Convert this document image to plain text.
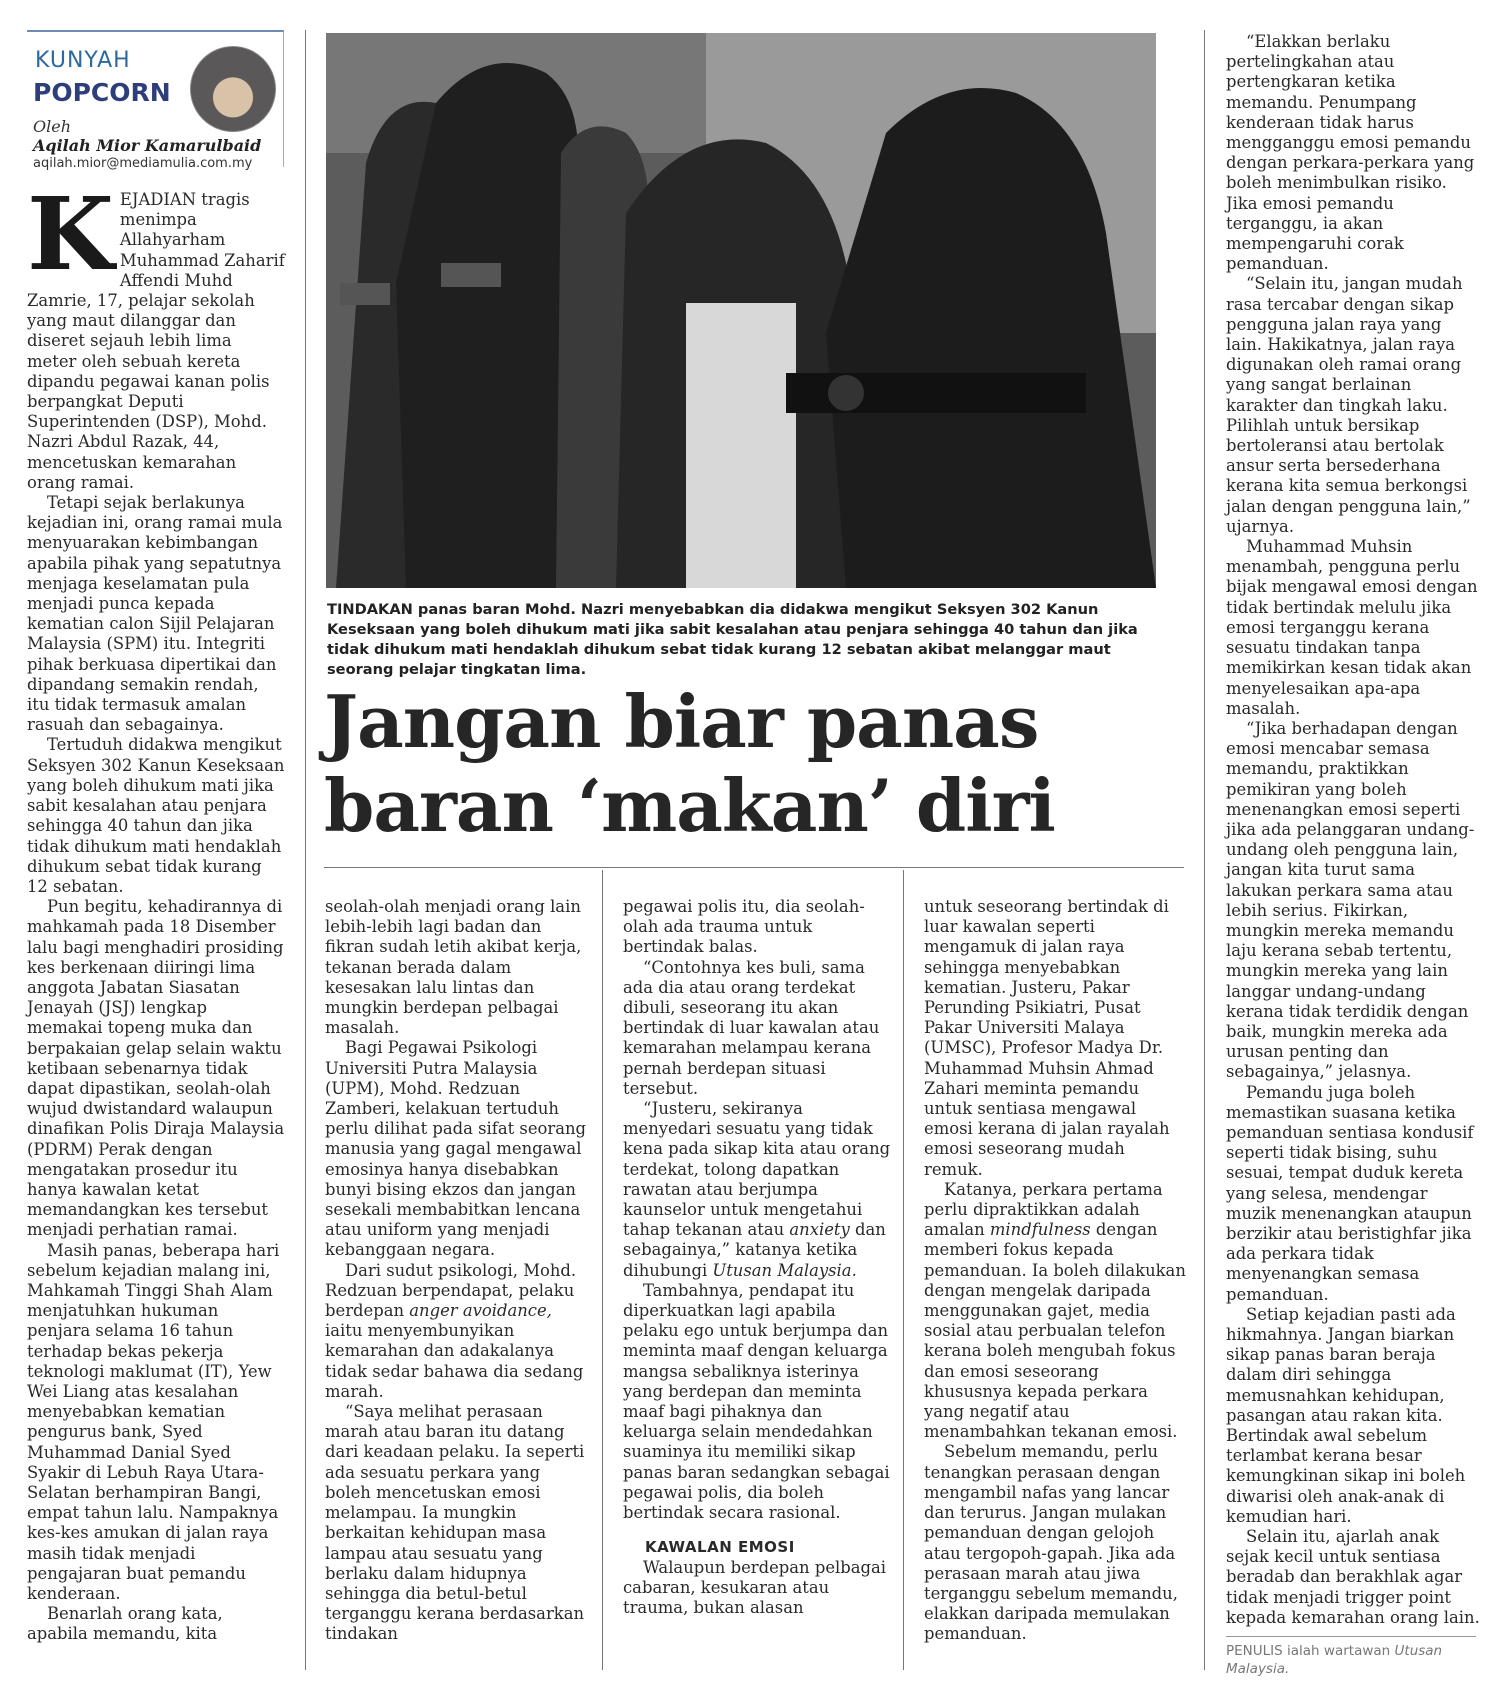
KUNYAH
POPCORN
Oleh
Aqilah Mior Kamarulbaid
aqilah.mior@mediamulia.com.my
TINDAKAN panas baran Mohd. Nazri menyebabkan dia didakwa mengikut Seksyen 302 Kanun Keseksaan yang boleh dihukum mati jika sabit kesalahan atau penjara sehingga 40 tahun dan jika tidak dihukum mati hendaklah dihukum sebat tidak kurang 12 sebatan akibat melanggar maut seorang pelajar tingkatan lima.
Jangan biar panas
baran ‘makan’ diri
K EJADIAN tragis menimpa Allahyarham Muhammad Zaharif Affendi Muhd Zamrie, 17, pelajar sekolah yang maut dilanggar dan diseret sejauh lebih lima meter oleh sebuah kereta dipandu pegawai kanan polis berpangkat Deputi Superintenden (DSP), Mohd. Nazri Abdul Razak, 44, mencetuskan kemarahan orang ramai.

Tetapi sejak berlakunya kejadian ini, orang ramai mula menyuarakan kebimbangan apabila pihak yang sepatutnya menjaga keselamatan pula menjadi punca kepada kematian calon Sijil Pelajaran Malaysia (SPM) itu. Integriti pihak berkuasa dipertikai dan dipandang semakin rendah, itu tidak termasuk amalan rasuah dan sebagainya.

Tertuduh didakwa mengikut Seksyen 302 Kanun Keseksaan yang boleh dihukum mati jika sabit kesalahan atau penjara sehingga 40 tahun dan jika tidak dihukum mati hendaklah dihukum sebat tidak kurang 12 sebatan.

Pun begitu, kehadirannya di mahkamah pada 18 Disember lalu bagi menghadiri prosiding kes berkenaan diiringi lima anggota Jabatan Siasatan Jenayah (JSJ) lengkap memakai topeng muka dan berpakaian gelap selain waktu ketibaan sebenarnya tidak dapat dipastikan, seolah-olah wujud dwistandard walaupun dinafikan Polis Diraja Malaysia (PDRM) Perak dengan mengatakan prosedur itu hanya kawalan ketat memandangkan kes tersebut menjadi perhatian ramai.

Masih panas, beberapa hari sebelum kejadian malang ini, Mahkamah Tinggi Shah Alam menjatuhkan hukuman penjara selama 16 tahun terhadap bekas pekerja teknologi maklumat (IT), Yew Wei Liang atas kesalahan menyebabkan kematian pengurus bank, Syed Muhammad Danial Syed Syakir di Lebuh Raya Utara-Selatan berhampiran Bangi, empat tahun lalu. Nampaknya kes-kes amukan di jalan raya masih tidak menjadi pengajaran buat pemandu kenderaan.

Benarlah orang kata, apabila memandu, kita

seolah-olah menjadi orang lain lebih-lebih lagi badan dan fikran sudah letih akibat kerja, tekanan berada dalam kesesakan lalu lintas dan mungkin berdepan pelbagai masalah.

Bagi Pegawai Psikologi Universiti Putra Malaysia (UPM), Mohd. Redzuan Zamberi, kelakuan tertuduh perlu dilihat pada sifat seorang manusia yang gagal mengawal emosinya hanya disebabkan bunyi bising ekzos dan jangan sesekali membabitkan lencana atau uniform yang menjadi kebanggaan negara.

Dari sudut psikologi, Mohd. Redzuan berpendapat, pelaku berdepan anger avoidance, iaitu menyembunyikan kemarahan dan adakalanya tidak sedar bahawa dia sedang marah.

“Saya melihat perasaan marah atau baran itu datang dari keadaan pelaku. Ia seperti ada sesuatu perkara yang boleh mencetuskan emosi melampau. Ia mungkin berkaitan kehidupan masa lampau atau sesuatu yang berlaku dalam hidupnya sehingga dia betul-betul terganggu kerana berdasarkan tindakan

pegawai polis itu, dia seolah-olah ada trauma untuk bertindak balas.

“Contohnya kes buli, sama ada dia atau orang terdekat dibuli, seseorang itu akan bertindak di luar kawalan atau kemarahan melampau kerana pernah berdepan situasi tersebut.

“Justeru, sekiranya menyedari sesuatu yang tidak kena pada sikap kita atau orang terdekat, tolong dapatkan rawatan atau berjumpa kaunselor untuk mengetahui tahap tekanan atau anxiety dan sebagainya,” katanya ketika dihubungi Utusan Malaysia.

Tambahnya, pendapat itu diperkuatkan lagi apabila pelaku ego untuk berjumpa dan meminta maaf dengan keluarga mangsa sebaliknya isterinya yang berdepan dan meminta maaf bagi pihaknya dan keluarga selain mendedahkan suaminya itu memiliki sikap panas baran sedangkan sebagai pegawai polis, dia boleh bertindak secara rasional.

KAWALAN EMOSI

Walaupun berdepan pelbagai cabaran, kesukaran atau trauma, bukan alasan

untuk seseorang bertindak di luar kawalan seperti mengamuk di jalan raya sehingga menyebabkan kematian. Justeru, Pakar Perunding Psikiatri, Pusat Pakar Universiti Malaya (UMSC), Profesor Madya Dr. Muhammad Muhsin Ahmad Zahari meminta pemandu untuk sentiasa mengawal emosi kerana di jalan rayalah emosi seseorang mudah remuk.

Katanya, perkara pertama perlu dipraktikkan adalah amalan mindfulness dengan memberi fokus kepada pemanduan. Ia boleh dilakukan dengan mengelak daripada menggunakan gajet, media sosial atau perbualan telefon kerana boleh mengubah fokus dan emosi seseorang khususnya kepada perkara yang negatif atau menambahkan tekanan emosi.

Sebelum memandu, perlu tenangkan perasaan dengan mengambil nafas yang lancar dan terurus. Jangan mulakan pemanduan dengan gelojoh atau tergopoh-gapah. Jika ada perasaan marah atau jiwa terganggu sebelum memandu, elakkan daripada memulakan pemanduan.

“Elakkan berlaku pertelingkahan atau pertengkaran ketika memandu. Penumpang kenderaan tidak harus mengganggu emosi pemandu dengan perkara-perkara yang boleh menimbulkan risiko. Jika emosi pemandu terganggu, ia akan mempengaruhi corak pemanduan.

“Selain itu, jangan mudah rasa tercabar dengan sikap pengguna jalan raya yang lain. Hakikatnya, jalan raya digunakan oleh ramai orang yang sangat berlainan karakter dan tingkah laku. Pilihlah untuk bersikap bertoleransi atau bertolak ansur serta bersederhana kerana kita semua berkongsi jalan dengan pengguna lain,” ujarnya.

Muhammad Muhsin menambah, pengguna perlu bijak mengawal emosi dengan tidak bertindak melulu jika emosi terganggu kerana sesuatu tindakan tanpa memikirkan kesan tidak akan menyelesaikan apa-apa masalah.

“Jika berhadapan dengan emosi mencabar semasa memandu, praktikkan pemikiran yang boleh menenangkan emosi seperti jika ada pelanggaran undang-undang oleh pengguna lain, jangan kita turut sama lakukan perkara sama atau lebih serius. Fikirkan, mungkin mereka memandu laju kerana sebab tertentu, mungkin mereka yang lain langgar undang-undang kerana tidak terdidik dengan baik, mungkin mereka ada urusan penting dan sebagainya,” jelasnya.

Pemandu juga boleh memastikan suasana ketika pemanduan sentiasa kondusif seperti tidak bising, suhu sesuai, tempat duduk kereta yang selesa, mendengar muzik menenangkan ataupun berzikir atau beristighfar jika ada perkara tidak menyenangkan semasa pemanduan.

Setiap kejadian pasti ada hikmahnya. Jangan biarkan sikap panas baran beraja dalam diri sehingga memusnahkan kehidupan, pasangan atau rakan kita. Bertindak awal sebelum terlambat kerana besar kemungkinan sikap ini boleh diwarisi oleh anak-anak di kemudian hari.

Selain itu, ajarlah anak sejak kecil untuk sentiasa beradab dan berakhlak agar tidak menjadi trigger point kepada kemarahan orang lain.

PENULIS ialah wartawan Utusan Malaysia.
